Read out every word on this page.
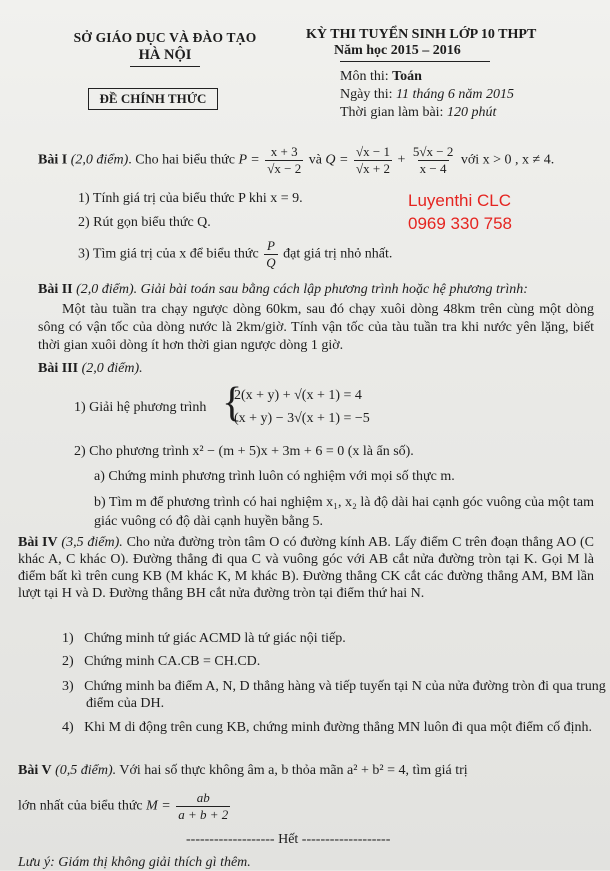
SỞ GIÁO DỤC VÀ ĐÀO TẠO
HÀ NỘI
ĐỀ CHÍNH THỨC
KỲ THI TUYỂN SINH LỚP 10 THPT
Năm học 2015 – 2016
Môn thi: Toán
Ngày thi: 11 tháng 6 năm 2015
Thời gian làm bài: 120 phút
Bài I (2,0 điểm). Cho hai biểu thức $P = \frac{x + 3}{√x - 2}$ và $Q = \frac{√x - 1}{√x + 2} + \frac{5√x - 2}{x - 4}$ với x > 0 , x ≠ 4.
1) Tính giá trị của biểu thức P khi x = 9.	Luyenthi CLC
2) Rút gọn biểu thức Q.	0969 330 758
3) Tìm giá trị của x để biểu thức $\frac{P}{Q}$ đạt giá trị nhỏ nhất.
Bài II (2,0 điểm). Giải bài toán sau bằng cách lập phương trình hoặc hệ phương trình:
Một tàu tuần tra chạy ngược dòng 60km, sau đó chạy xuôi dòng 48km trên cùng một dòng sông có vận tốc của dòng nước là 2km/giờ. Tính vận tốc của tàu tuần tra khi nước yên lặng, biết thời gian xuôi dòng ít hơn thời gian ngược dòng 1 giờ.
Bài III (2,0 điểm).
1) Giải hệ phương trình {
2(x + y) + √(x + 1) = 4
(x + y) − 3√(x + 1) = −5
2) Cho phương trình x² − (m + 5)x + 3m + 6 = 0 (x là ẩn số).
a) Chứng minh phương trình luôn có nghiệm với mọi số thực m.
b) Tìm m để phương trình có hai nghiệm x₁, x₂ là độ dài hai cạnh góc vuông của một tam giác vuông có độ dài cạnh huyền bằng 5.
Bài IV (3,5 điểm). Cho nửa đường tròn tâm O có đường kính AB. Lấy điểm C trên đoạn thẳng AO (C khác A, C khác O). Đường thẳng đi qua C và vuông góc với AB cắt nửa đường tròn tại K. Gọi M là điểm bất kì trên cung KB (M khác K, M khác B). Đường thẳng CK cắt các đường thẳng AM, BM lần lượt tại H và D. Đường thẳng BH cắt nửa đường tròn tại điểm thứ hai N.
1)   Chứng minh tứ giác ACMD là tứ giác nội tiếp.
2)   Chứng minh CA.CB = CH.CD.
3)   Chứng minh ba điểm A, N, D thẳng hàng và tiếp tuyến tại N của nửa đường tròn đi qua trung điểm của DH.
4)   Khi M di động trên cung KB, chứng minh đường thẳng MN luôn đi qua một điểm cố định.
Bài V (0,5 điểm). Với hai số thực không âm a, b thỏa mãn a² + b² = 4, tìm giá trị
lớn nhất của biểu thức $M = \frac{ab}{a + b + 2}$
------------------- Hết -------------------
Lưu ý: Giám thị không giải thích gì thêm.
